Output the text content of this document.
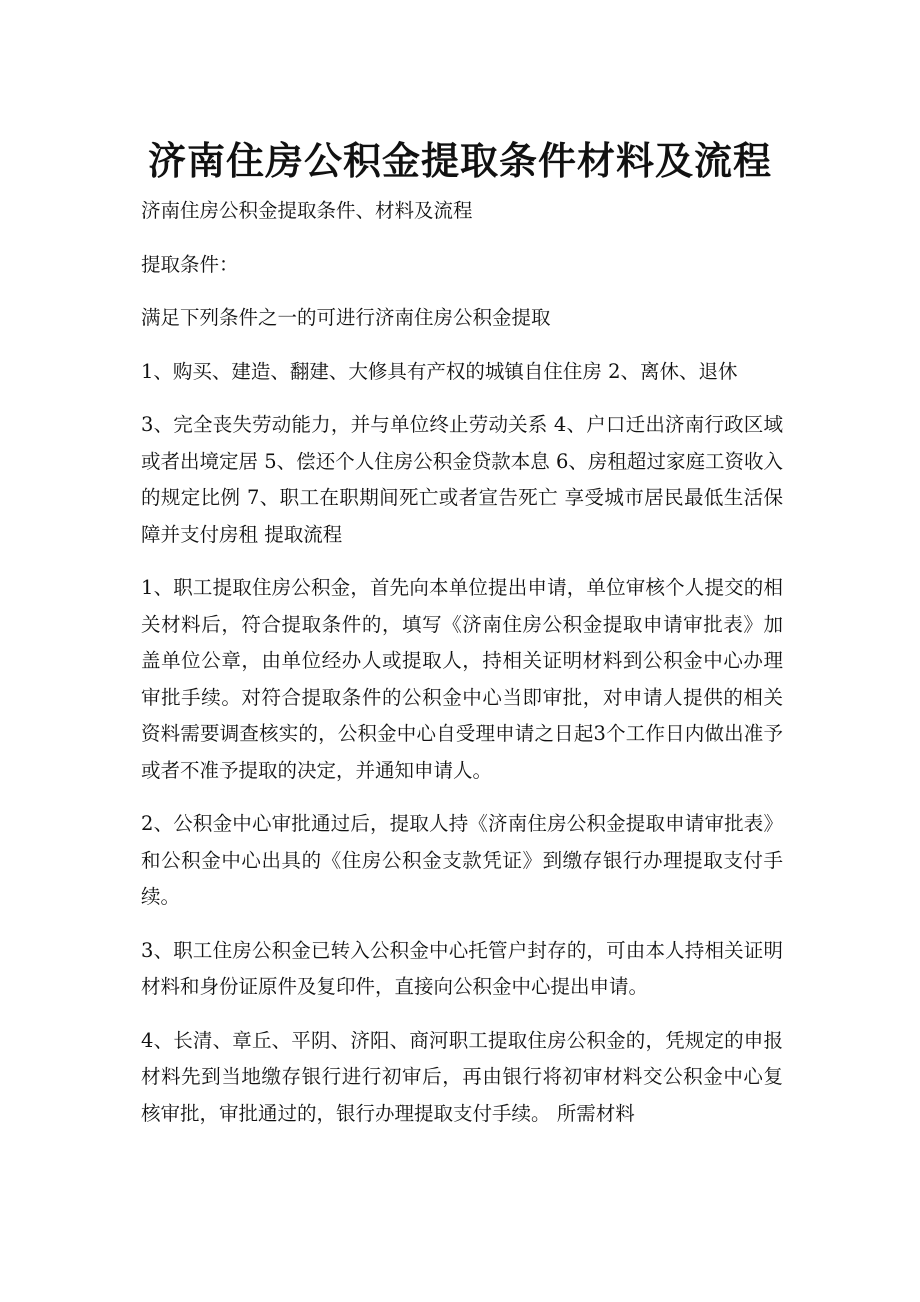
济南住房公积金提取条件材料及流程

济南住房公积金提取条件、材料及流程

提取条件：

满足下列条件之一的可进行济南住房公积金提取

1、购买、建造、翻建、大修具有产权的城镇自住住房 2、离休、退休

3、完全丧失劳动能力，并与单位终止劳动关系 4、户口迁出济南行政区域或者出境定居 5、偿还个人住房公积金贷款本息 6、房租超过家庭工资收入的规定比例 7、职工在职期间死亡或者宣告死亡 享受城市居民最低生活保障并支付房租 提取流程

1、职工提取住房公积金，首先向本单位提出申请，单位审核个人提交的相关材料后，符合提取条件的，填写《济南住房公积金提取申请审批表》加盖单位公章，由单位经办人或提取人，持相关证明材料到公积金中心办理审批手续。对符合提取条件的公积金中心当即审批，对申请人提供的相关资料需要调查核实的，公积金中心自受理申请之日起3个工作日内做出准予或者不准予提取的决定，并通知申请人。

2、公积金中心审批通过后，提取人持《济南住房公积金提取申请审批表》和公积金中心出具的《住房公积金支款凭证》到缴存银行办理提取支付手续。

3、职工住房公积金已转入公积金中心托管户封存的，可由本人持相关证明材料和身份证原件及复印件，直接向公积金中心提出申请。

4、长清、章丘、平阴、济阳、商河职工提取住房公积金的，凭规定的申报材料先到当地缴存银行进行初审后，再由银行将初审材料交公积金中心复核审批，审批通过的，银行办理提取支付手续。 所需材料
